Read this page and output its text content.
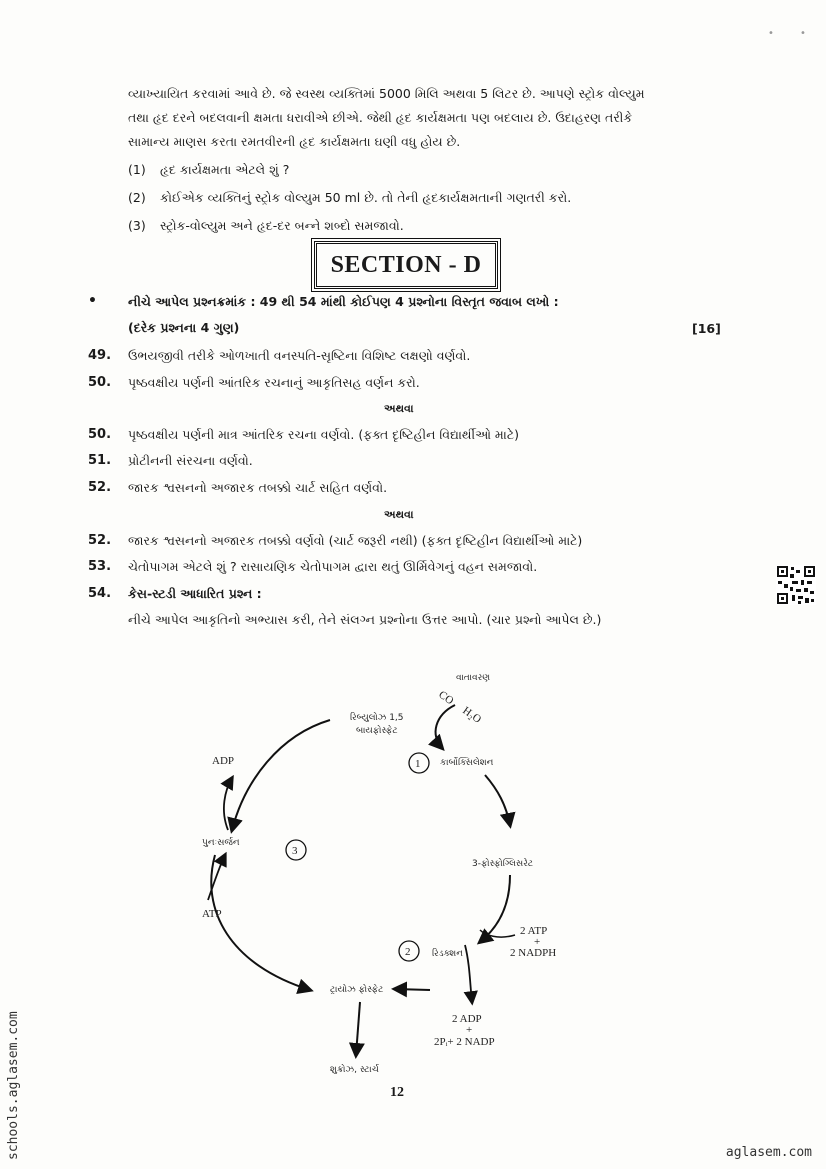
•	•
વ્યાખ્યાયિત કરવામાં આવે છે. જે સ્વસ્થ વ્યક્તિમાં 5000 મિલિ અથવા 5 લિટર છે. આપણે સ્ટ્રોક વોલ્યુમ
તથા હૃદ દરને બદલવાની ક્ષમતા ધરાવીએ છીએ. જેથી હૃદ કાર્યક્ષમતા પણ બદલાય છે. ઉદાહરણ તરીકે
સામાન્ય માણસ કરતા રમતવીરની હૃદ કાર્યક્ષમતા ઘણી વધુ હોય છે.
(1) હૃદ કાર્યક્ષમતા એટલે શું ?
(2) કોઈએક વ્યક્તિનું સ્ટ્રોક વોલ્યુમ 50 ml છે. તો તેની હૃદકાર્યક્ષમતાની ગણતરી કરો.
(3) સ્ટ્રોક-વોલ્યુમ અને હૃદ-દર બન્ને શબ્દો સમજાવો.
SECTION - D
• નીચે આપેલ પ્રશ્નક્રમાંક : 49 થી 54 માંથી કોઈપણ 4 પ્રશ્નોના વિસ્તૃત જવાબ લખો :
(દરેક પ્રશ્નના 4 ગુણ)	[16]
49. ઉભયજીવી તરીકે ઓળખાતી વનસ્પતિ-સૃષ્ટિના વિશિષ્ટ લક્ષણો વર્ણવો.
50. પૃષ્ઠવક્ષીય પર્ણની આંતરિક રચનાનું આકૃતિસહ વર્ણન કરો.
અથવા
50. પૃષ્ઠવક્ષીય પર્ણની માત્ર આંતરિક રચના વર્ણવો. (ફક્ત દૃષ્ટિહીન વિદ્યાર્થીઓ માટે)
51. પ્રોટીનની સંરચના વર્ણવો.
52. જારક શ્વસનનો અજારક તબક્કો ચાર્ટ સહિત વર્ણવો.
અથવા
52. જારક શ્વસનનો અજારક તબક્કો વર્ણવો (ચાર્ટ જરૂરી નથી) (ફક્ત દૃષ્ટિહીન વિદ્યાર્થીઓ માટે)
53. ચેતોપાગમ એટલે શું ? રાસાયણિક ચેતોપાગમ દ્વારા થતું ઊર્મિવેગનું વહન સમજાવો.
54. કેસ-સ્ટડી આધારિત પ્રશ્ન :
નીચે આપેલ આકૃતિનો અભ્યાસ કરી, તેને સંલગ્ન પ્રશ્નોના ઉત્તર આપો. (ચાર પ્રશ્નો આપેલ છે.)
વાતાવરણ
CO
H₂O
રિબ્યુલોઝ 1,5
બાયફોસ્ફેટ
1 કાર્બોક્સિલેશન
3-ફોસ્ફોગ્લિસરેટ
2 ATP
+
2 NADPH
2 રિડક્શન
ટ્રાયોઝ ફોસ્ફેટ
2 ADP
+
2Pᵢ+ 2 NADP
શુક્રોઝ, સ્ટાર્ચ
પુનઃસર્જન
3
ADP
ATP
12
schools.aglasem.com	aglasem.com
